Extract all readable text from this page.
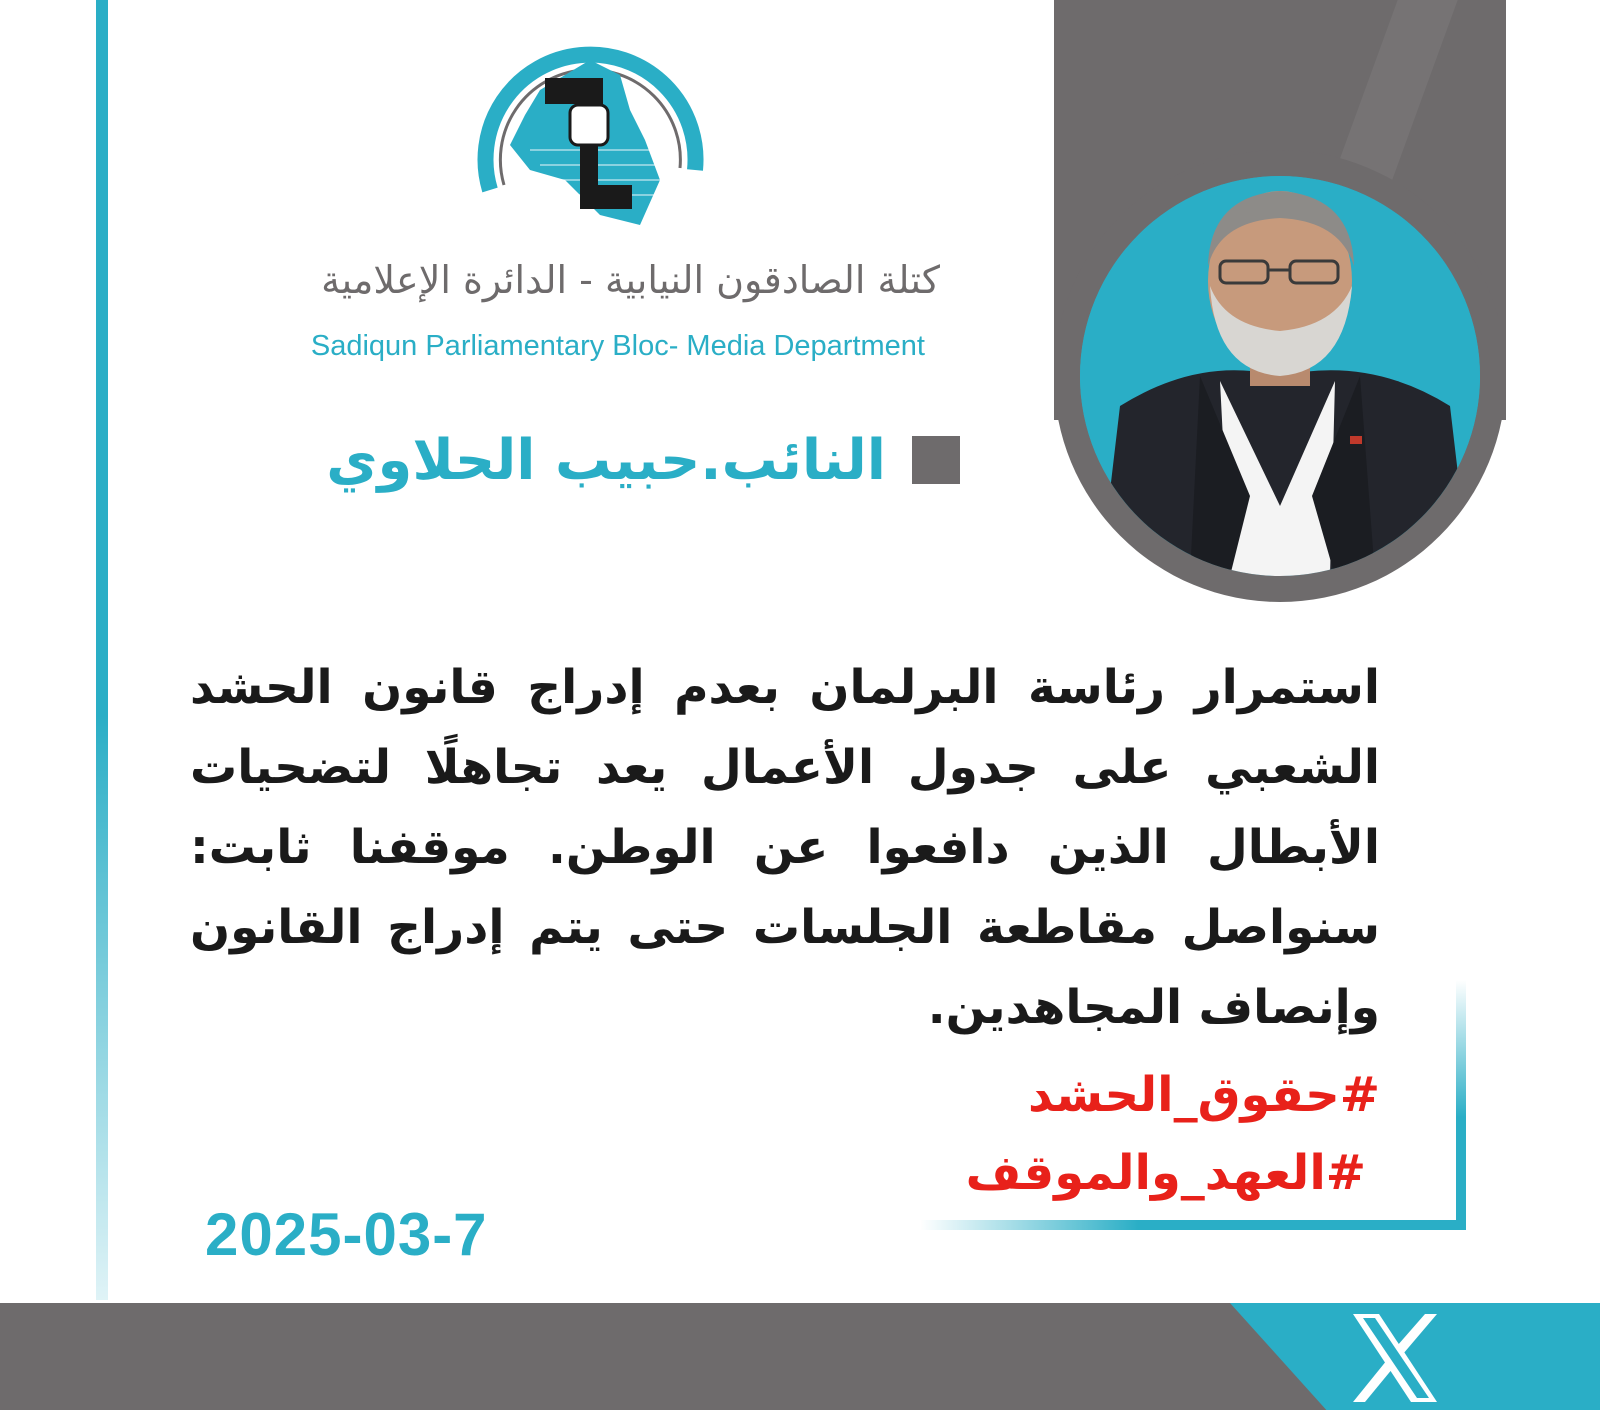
كتلة الصادقون النيابية - الدائرة الإعلامية
Sadiqun Parliamentary Bloc- Media Department
النائب.حبيب الحلاوي
استمرار رئاسة البرلمان بعدم إدراج قانون الحشد الشعبي على جدول الأعمال يعد تجاهلًا لتضحيات الأبطال الذين دافعوا عن الوطن. موقفنا ثابت: سنواصل مقاطعة الجلسات حتى يتم إدراج القانون وإنصاف المجاهدين.
#حقوق_الحشد
#العهد_والموقف
2025-03-7
